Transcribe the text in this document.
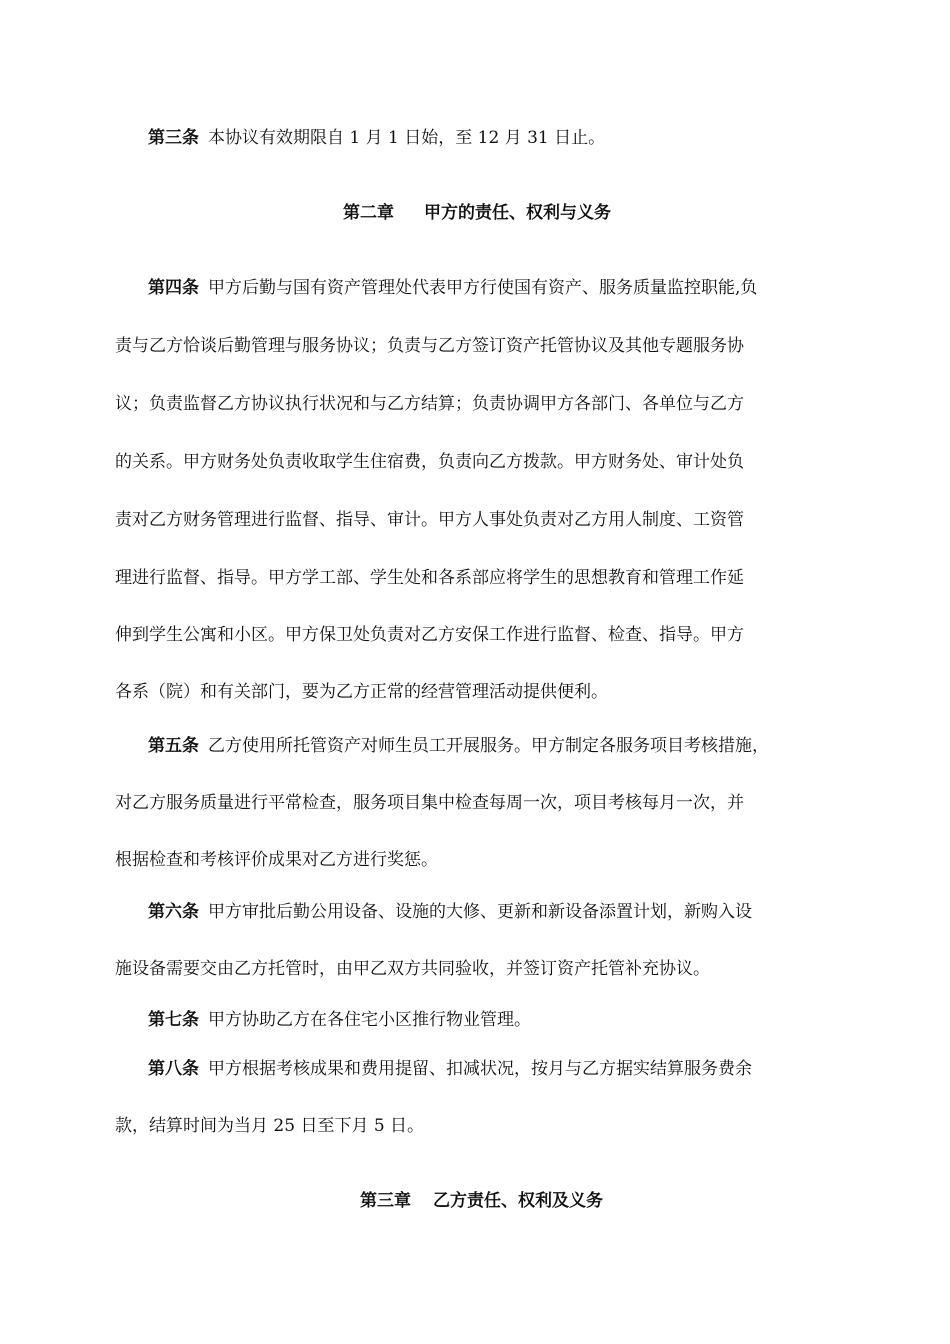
第三条 本协议有效期限自 1 月 1 日始，至 12 月 31 日止。
第二章 甲方的责任、权利与义务
第四条 甲方后勤与国有资产管理处代表甲方行使国有资产、服务质量监控职能,负
责与乙方恰谈后勤管理与服务协议；负责与乙方签订资产托管协议及其他专题服务协
议；负责监督乙方协议执行状况和与乙方结算；负责协调甲方各部门、各单位与乙方
的关系。甲方财务处负责收取学生住宿费，负责向乙方拨款。甲方财务处、审计处负
责对乙方财务管理进行监督、指导、审计。甲方人事处负责对乙方用人制度、工资管
理进行监督、指导。甲方学工部、学生处和各系部应将学生的思想教育和管理工作延
伸到学生公寓和小区。甲方保卫处负责对乙方安保工作进行监督、检查、指导。甲方
各系（院）和有关部门，要为乙方正常的经营管理活动提供便利。
第五条 乙方使用所托管资产对师生员工开展服务。甲方制定各服务项目考核措施，
对乙方服务质量进行平常检查，服务项目集中检查每周一次，项目考核每月一次，并
根据检查和考核评价成果对乙方进行奖惩。
第六条 甲方审批后勤公用设备、设施的大修、更新和新设备添置计划，新购入设
施设备需要交由乙方托管时，由甲乙双方共同验收，并签订资产托管补充协议。
第七条 甲方协助乙方在各住宅小区推行物业管理。
第八条 甲方根据考核成果和费用提留、扣减状况，按月与乙方据实结算服务费余
款，结算时间为当月 25 日至下月 5 日。
第三章 乙方责任、权利及义务
